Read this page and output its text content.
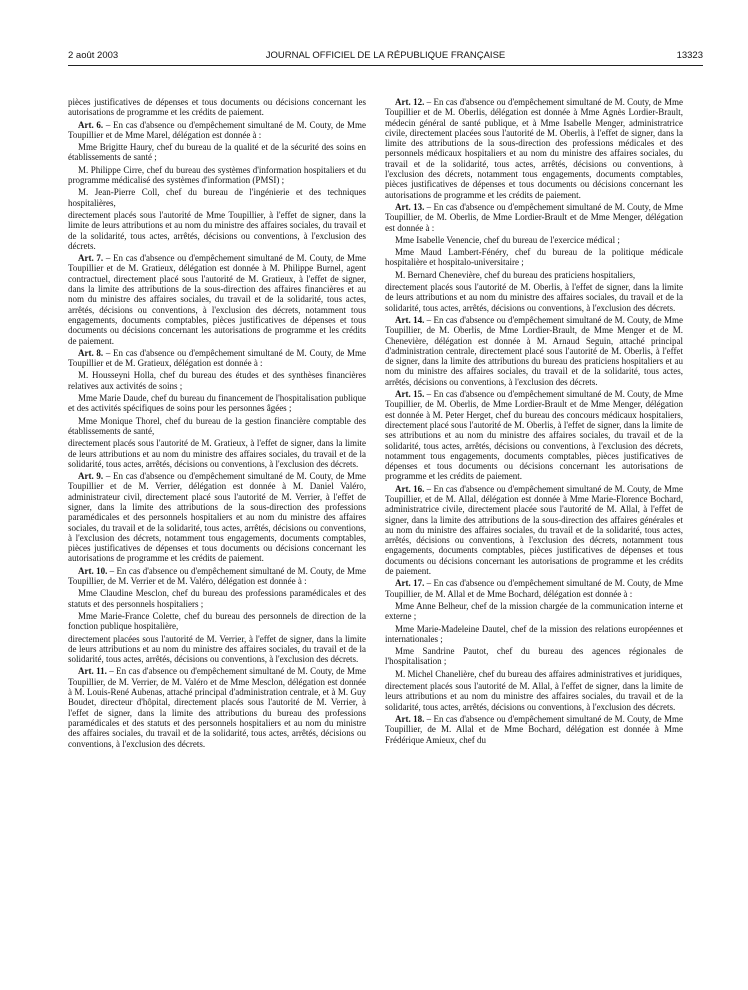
2 août 2003	JOURNAL OFFICIEL DE LA RÉPUBLIQUE FRANÇAISE	13323

pièces justificatives de dépenses et tous documents ou décisions concernant les autorisations de programme et les crédits de paiement.

Art. 6. – En cas d'absence ou d'empêchement simultané de M. Couty, de Mme Toupillier et de Mme Marel, délégation est donnée à :

Mme Brigitte Haury, chef du bureau de la qualité et de la sécurité des soins en établissements de santé ;

M. Philippe Cirre, chef du bureau des systèmes d'information hospitaliers et du programme médicalisé des systèmes d'information (PMSI) ;

M. Jean-Pierre Coll, chef du bureau de l'ingénierie et des techniques hospitalières,

directement placés sous l'autorité de Mme Toupillier, à l'effet de signer, dans la limite de leurs attributions et au nom du ministre des affaires sociales, du travail et de la solidarité, tous actes, arrêtés, décisions ou conventions, à l'exclusion des décrets.

Art. 7. – En cas d'absence ou d'empêchement simultané de M. Couty, de Mme Toupillier et de M. Gratieux, délégation est donnée à M. Philippe Burnel, agent contractuel, directement placé sous l'autorité de M. Gratieux, à l'effet de signer, dans la limite des attributions de la sous-direction des affaires financières et au nom du ministre des affaires sociales, du travail et de la solidarité, tous actes, arrêtés, décisions ou conventions, à l'exclusion des décrets, notamment tous engagements, documents comptables, pièces justificatives de dépenses et tous documents ou décisions concernant les autorisations de programme et les crédits de paiement.

Art. 8. – En cas d'absence ou d'empêchement simultané de M. Couty, de Mme Toupillier et de M. Gratieux, délégation est donnée à :

M. Housseyni Holla, chef du bureau des études et des synthèses financières relatives aux activités de soins ;

Mme Marie Daude, chef du bureau du financement de l'hospitalisation publique et des activités spécifiques de soins pour les personnes âgées ;

Mme Monique Thorel, chef du bureau de la gestion financière comptable des établissements de santé,

directement placés sous l'autorité de M. Gratieux, à l'effet de signer, dans la limite de leurs attributions et au nom du ministre des affaires sociales, du travail et de la solidarité, tous actes, arrêtés, décisions ou conventions, à l'exclusion des décrets.

Art. 9. – En cas d'absence ou d'empêchement simultané de M. Couty, de Mme Toupillier et de M. Verrier, délégation est donnée à M. Daniel Valéro, administrateur civil, directement placé sous l'autorité de M. Verrier, à l'effet de signer, dans la limite des attributions de la sous-direction des professions paramédicales et des personnels hospitaliers et au nom du ministre des affaires sociales, du travail et de la solidarité, tous actes, arrêtés, décisions ou conventions, à l'exclusion des décrets, notamment tous engagements, documents comptables, pièces justificatives de dépenses et tous documents ou décisions concernant les autorisations de programme et les crédits de paiement.

Art. 10. – En cas d'absence ou d'empêchement simultané de M. Couty, de Mme Toupillier, de M. Verrier et de M. Valéro, délégation est donnée à :

Mme Claudine Mesclon, chef du bureau des professions paramédicales et des statuts et des personnels hospitaliers ;

Mme Marie-France Colette, chef du bureau des personnels de direction de la fonction publique hospitalière,

directement placées sous l'autorité de M. Verrier, à l'effet de signer, dans la limite de leurs attributions et au nom du ministre des affaires sociales, du travail et de la solidarité, tous actes, arrêtés, décisions ou conventions, à l'exclusion des décrets.

Art. 11. – En cas d'absence ou d'empêchement simultané de M. Couty, de Mme Toupillier, de M. Verrier, de M. Valéro et de Mme Mesclon, délégation est donnée à M. Louis-René Aubenas, attaché principal d'administration centrale, et à M. Guy Boudet, directeur d'hôpital, directement placés sous l'autorité de M. Verrier, à l'effet de signer, dans la limite des attributions du bureau des professions paramédicales et des statuts et des personnels hospitaliers et au nom du ministre des affaires sociales, du travail et de la solidarité, tous actes, arrêtés, décisions ou conventions, à l'exclusion des décrets.

Art. 12. – En cas d'absence ou d'empêchement simultané de M. Couty, de Mme Toupillier et de M. Oberlis, délégation est donnée à Mme Agnès Lordier-Brault, médecin général de santé publique, et à Mme Isabelle Menger, administratrice civile, directement placées sous l'autorité de M. Oberlis, à l'effet de signer, dans la limite des attributions de la sous-direction des professions médicales et des personnels médicaux hospitaliers et au nom du ministre des affaires sociales, du travail et de la solidarité, tous actes, arrêtés, décisions ou conventions, à l'exclusion des décrets, notamment tous engagements, documents comptables, pièces justificatives de dépenses et tous documents ou décisions concernant les autorisations de programme et les crédits de paiement.

Art. 13. – En cas d'absence ou d'empêchement simultané de M. Couty, de Mme Toupillier, de M. Oberlis, de Mme Lordier-Brault et de Mme Menger, délégation est donnée à :

Mme Isabelle Venencie, chef du bureau de l'exercice médical ;

Mme Maud Lambert-Fénéry, chef du bureau de la politique médicale hospitalière et hospitalo-universitaire ;

M. Bernard Chenevière, chef du bureau des praticiens hospitaliers,

directement placés sous l'autorité de M. Oberlis, à l'effet de signer, dans la limite de leurs attributions et au nom du ministre des affaires sociales, du travail et de la solidarité, tous actes, arrêtés, décisions ou conventions, à l'exclusion des décrets.

Art. 14. – En cas d'absence ou d'empêchement simultané de M. Couty, de Mme Toupillier, de M. Oberlis, de Mme Lordier-Brault, de Mme Menger et de M. Chenevière, délégation est donnée à M. Arnaud Seguin, attaché principal d'administration centrale, directement placé sous l'autorité de M. Oberlis, à l'effet de signer, dans la limite des attributions du bureau des praticiens hospitaliers et au nom du ministre des affaires sociales, du travail et de la solidarité, tous actes, arrêtés, décisions ou conventions, à l'exclusion des décrets.

Art. 15. – En cas d'absence ou d'empêchement simultané de M. Couty, de Mme Toupillier, de M. Oberlis, de Mme Lordier-Brault et de Mme Menger, délégation est donnée à M. Peter Herget, chef du bureau des concours médicaux hospitaliers, directement placé sous l'autorité de M. Oberlis, à l'effet de signer, dans la limite de ses attributions et au nom du ministre des affaires sociales, du travail et de la solidarité, tous actes, arrêtés, décisions ou conventions, à l'exclusion des décrets, notamment tous engagements, documents comptables, pièces justificatives de dépenses et tous documents ou décisions concernant les autorisations de programme et les crédits de paiement.

Art. 16. – En cas d'absence ou d'empêchement simultané de M. Couty, de Mme Toupillier, et de M. Allal, délégation est donnée à Mme Marie-Florence Bochard, administratrice civile, directement placée sous l'autorité de M. Allal, à l'effet de signer, dans la limite des attributions de la sous-direction des affaires générales et au nom du ministre des affaires sociales, du travail et de la solidarité, tous actes, arrêtés, décisions ou conventions, à l'exclusion des décrets, notamment tous engagements, documents comptables, pièces justificatives de dépenses et tous documents ou décisions concernant les autorisations de programme et les crédits de paiement.

Art. 17. – En cas d'absence ou d'empêchement simultané de M. Couty, de Mme Toupillier, de M. Allal et de Mme Bochard, délégation est donnée à :

Mme Anne Belheur, chef de la mission chargée de la communication interne et externe ;

Mme Marie-Madeleine Dautel, chef de la mission des relations européennes et internationales ;

Mme Sandrine Pautot, chef du bureau des agences régionales de l'hospitalisation ;

M. Michel Chanelière, chef du bureau des affaires administratives et juridiques,

directement placés sous l'autorité de M. Allal, à l'effet de signer, dans la limite de leurs attributions et au nom du ministre des affaires sociales, du travail et de la solidarité, tous actes, arrêtés, décisions ou conventions, à l'exclusion des décrets.

Art. 18. – En cas d'absence ou d'empêchement simultané de M. Couty, de Mme Toupillier, de M. Allal et de Mme Bochard, délégation est donnée à Mme Frédérique Amieux, chef du
